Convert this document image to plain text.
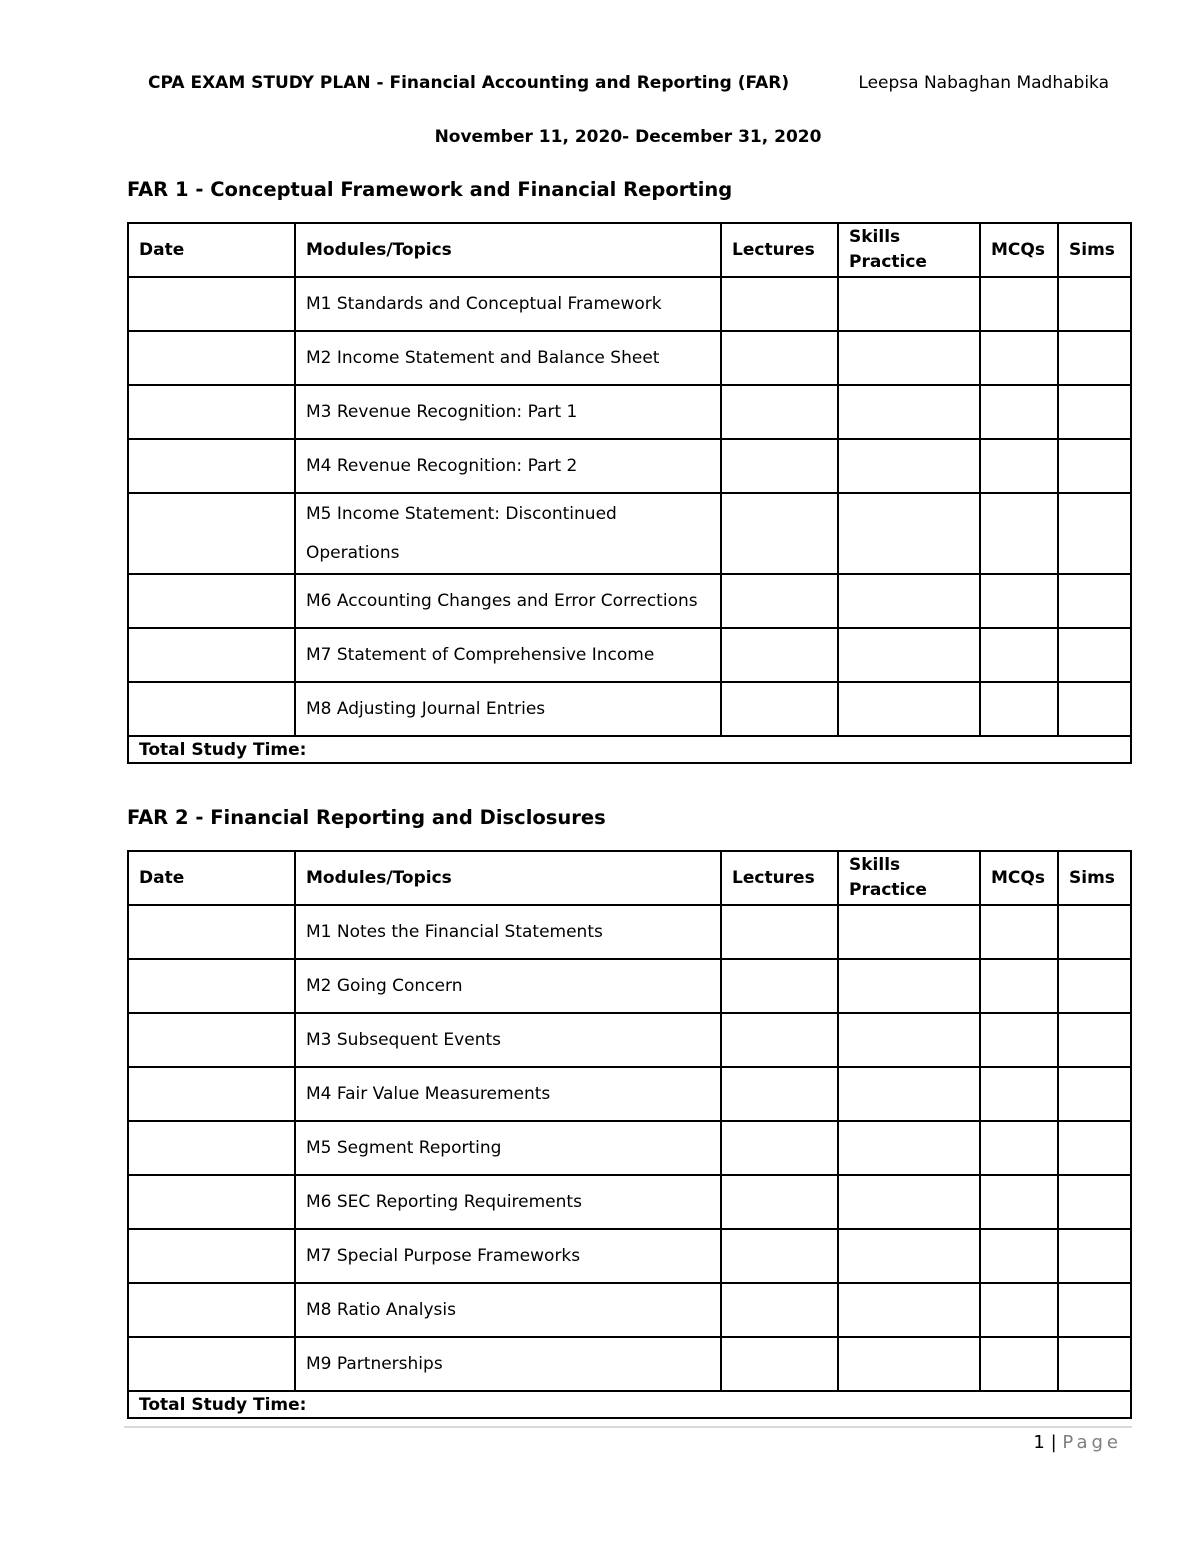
CPA EXAM STUDY PLAN - Financial Accounting and Reporting (FAR)	Leepsa Nabaghan Madhabika
November 11, 2020- December 31, 2020
FAR 1 - Conceptual Framework and Financial Reporting
Date	Modules/Topics	Lectures	Skills Practice	MCQs	Sims
	M1 Standards and Conceptual Framework				
	M2 Income Statement and Balance Sheet				
	M3 Revenue Recognition: Part 1				
	M4 Revenue Recognition: Part 2				
	M5 Income Statement: Discontinued Operations				
	M6 Accounting Changes and Error Corrections				
	M7 Statement of Comprehensive Income				
	M8 Adjusting Journal Entries				
Total Study Time:					
FAR 2 - Financial Reporting and Disclosures
Date	Modules/Topics	Lectures	Skills Practice	MCQs	Sims
	M1 Notes the Financial Statements				
	M2 Going Concern				
	M3 Subsequent Events				
	M4 Fair Value Measurements				
	M5 Segment Reporting				
	M6 SEC Reporting Requirements				
	M7 Special Purpose Frameworks				
	M8 Ratio Analysis				
	M9 Partnerships				
Total Study Time:					
1 | Page
